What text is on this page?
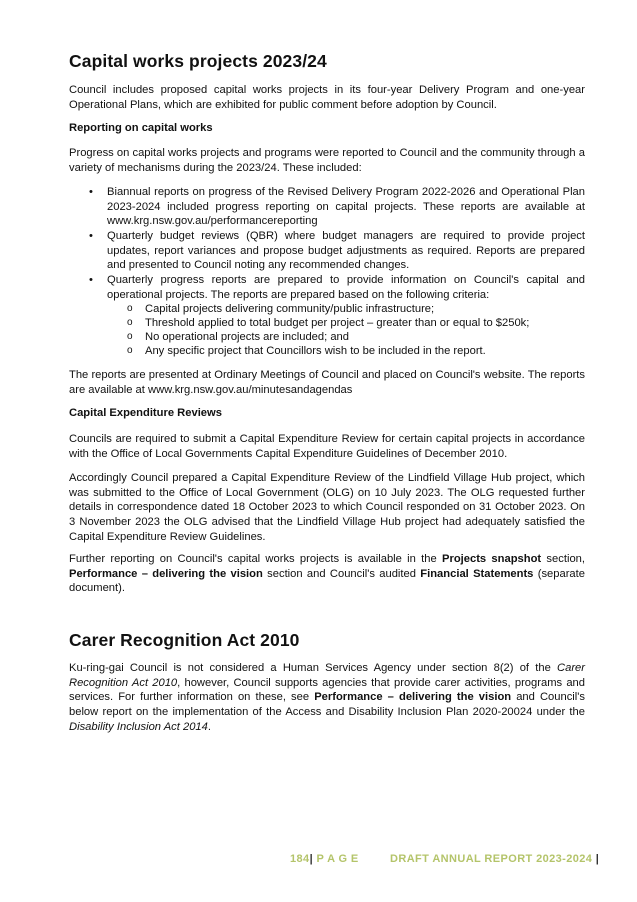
Capital works projects 2023/24

Council includes proposed capital works projects in its four-year Delivery Program and one-year Operational Plans, which are exhibited for public comment before adoption by Council.

Reporting on capital works

Progress on capital works projects and programs were reported to Council and the community through a variety of mechanisms during the 2023/24. These included:

•	Biannual reports on progress of the Revised Delivery Program 2022-2026 and Operational Plan 2023-2024 included progress reporting on capital projects. These reports are available at www.krg.nsw.gov.au/performancereporting
•	Quarterly budget reviews (QBR) where budget managers are required to provide project updates, report variances and propose budget adjustments as required. Reports are prepared and presented to Council noting any recommended changes.
•	Quarterly progress reports are prepared to provide information on Council's capital and operational projects. The reports are prepared based on the following criteria:
o Capital projects delivering community/public infrastructure;
o Threshold applied to total budget per project – greater than or equal to $250k;
o No operational projects are included; and
o Any specific project that Councillors wish to be included in the report.

The reports are presented at Ordinary Meetings of Council and placed on Council's website. The reports are available at www.krg.nsw.gov.au/minutesandagendas

Capital Expenditure Reviews

Councils are required to submit a Capital Expenditure Review for certain capital projects in accordance with the Office of Local Governments Capital Expenditure Guidelines of December 2010.

Accordingly Council prepared a Capital Expenditure Review of the Lindfield Village Hub project, which was submitted to the Office of Local Government (OLG) on 10 July 2023. The OLG requested further details in correspondence dated 18 October 2023 to which Council responded on 31 October 2023. On 3 November 2023 the OLG advised that the Lindfield Village Hub project had adequately satisfied the Capital Expenditure Review Guidelines.

Further reporting on Council's capital works projects is available in the Projects snapshot section, Performance – delivering the vision section and Council's audited Financial Statements (separate document).

Carer Recognition Act 2010

Ku-ring-gai Council is not considered a Human Services Agency under section 8(2) of the Carer Recognition Act 2010, however, Council supports agencies that provide carer activities, programs and services. For further information on these, see Performance – delivering the vision and Council's below report on the implementation of the Access and Disability Inclusion Plan 2020-20024 under the Disability Inclusion Act 2014.

184| P A G E	DRAFT ANNUAL REPORT 2023-2024 |
